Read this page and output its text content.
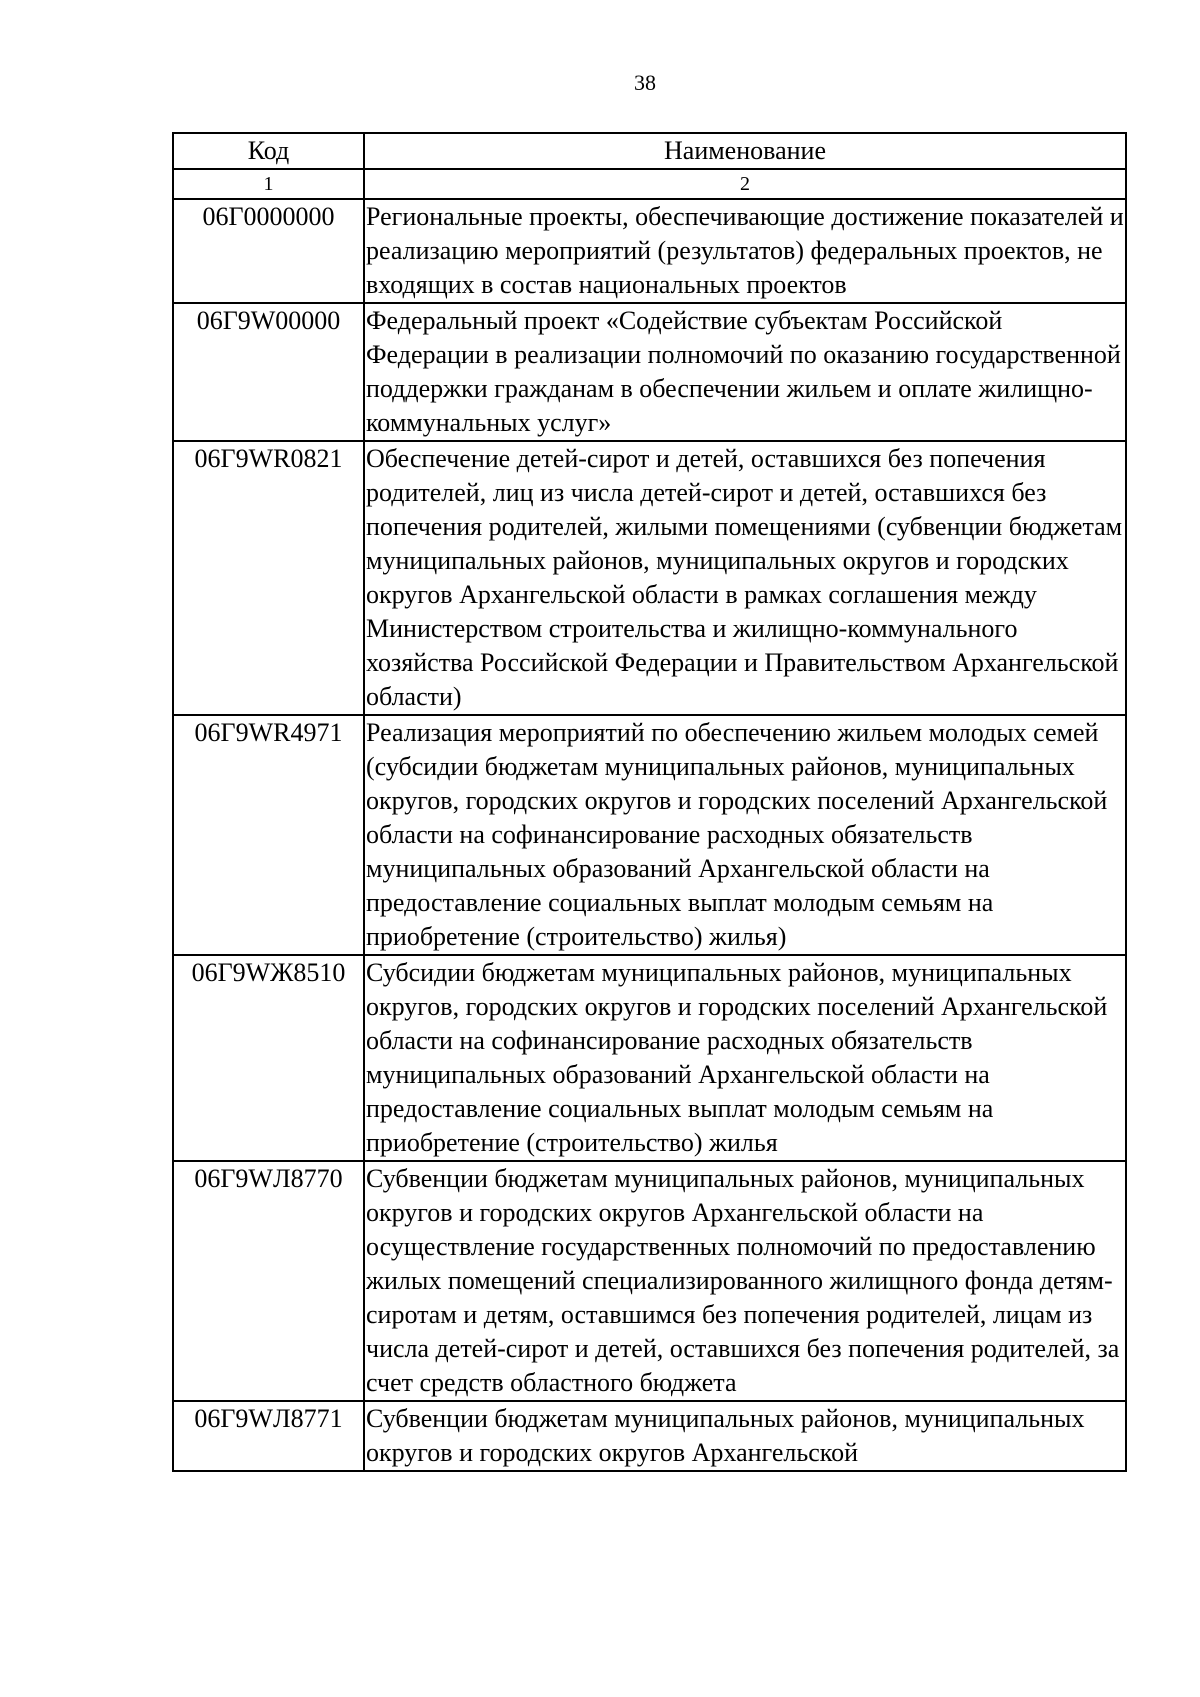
38
Код	Наименование
1	2
06Г0000000	Региональные проекты, обеспечивающие достижение показателей и реализацию мероприятий (результатов) федеральных проектов, не входящих в состав национальных проектов
06Г9W00000	Федеральный проект «Содействие субъектам Российской Федерации в реализации полномочий по оказанию государственной поддержки гражданам в обеспечении жильем и оплате жилищно-коммунальных услуг»
06Г9WR0821	Обеспечение детей-сирот и детей, оставшихся без попечения родителей, лиц из числа детей-сирот и детей, оставшихся без попечения родителей, жилыми помещениями (субвенции бюджетам муниципальных районов, муниципальных округов и городских округов Архангельской области в рамках соглашения между Министерством строительства и жилищно-коммунального хозяйства Российской Федерации и Правительством Архангельской области)
06Г9WR4971	Реализация мероприятий по обеспечению жильем молодых семей (субсидии бюджетам муниципальных районов, муниципальных округов, городских округов и городских поселений Архангельской области на софинансирование расходных обязательств муниципальных образований Архангельской области на предоставление социальных выплат молодым семьям на приобретение (строительство) жилья)
06Г9WЖ8510	Субсидии бюджетам муниципальных районов, муниципальных округов, городских округов и городских поселений Архангельской области на софинансирование расходных обязательств муниципальных образований Архангельской области на предоставление социальных выплат молодым семьям на приобретение (строительство) жилья
06Г9WЛ8770	Субвенции бюджетам муниципальных районов, муниципальных округов и городских округов Архангельской области на осуществление государственных полномочий по предоставлению жилых помещений специализированного жилищного фонда детям-сиротам и детям, оставшимся без попечения родителей, лицам из числа детей-сирот и детей, оставшихся без попечения родителей, за счет средств областного бюджета
06Г9WЛ8771	Субвенции бюджетам муниципальных районов, муниципальных округов и городских округов Архангельской
